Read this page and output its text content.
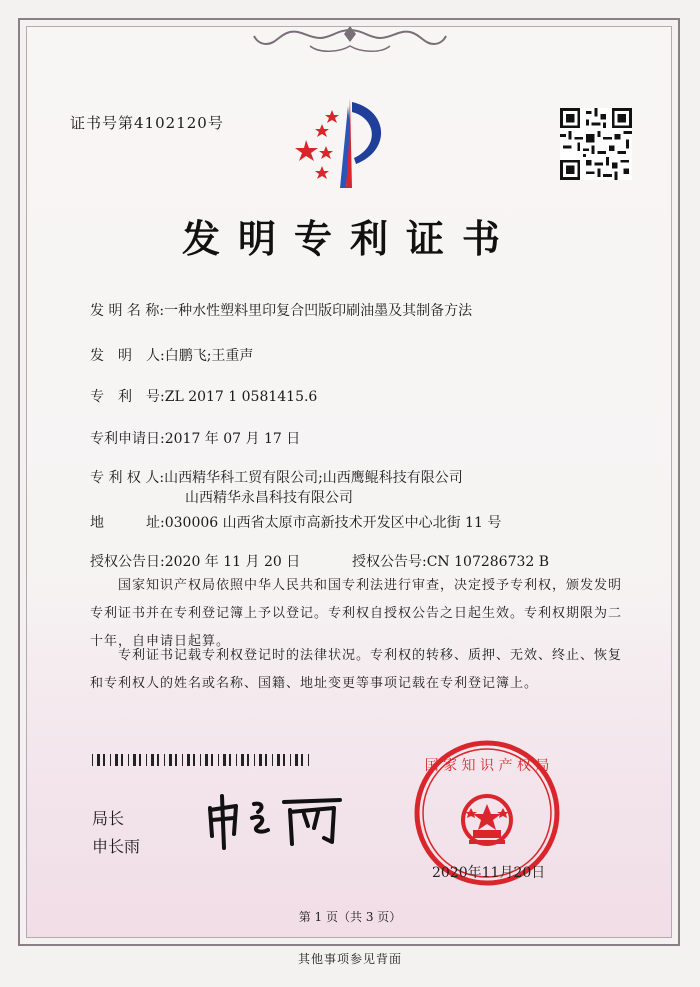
证书号第4102120号
发明专利证书
发 明 名 称:一种水性塑料里印复合凹版印刷油墨及其制备方法
发　明　人:白鹏飞;王重声
专　利　号:ZL 2017 1 0581415.6
专利申请日:2017 年 07 月 17 日
专 利 权 人:山西精华科工贸有限公司;山西鹰鲲科技有限公司
山西精华永昌科技有限公司
地　　　址:030006 山西省太原市高新技术开发区中心北街 11 号
授权公告日:2020 年 11 月 20 日	授权公告号:CN 107286732 B
国家知识产权局依照中华人民共和国专利法进行审查，决定授予专利权，颁发发明专利证书并在专利登记簿上予以登记。专利权自授权公告之日起生效。专利权期限为二十年，自申请日起算。
专利证书记载专利权登记时的法律状况。专利权的转移、质押、无效、终止、恢复和专利权人的姓名或名称、国籍、地址变更等事项记载在专利登记簿上。
局长
申长雨
国 家 知 识 产 权 局
2020年11月20日
第 1 页（共 3 页）
其他事项参见背面
